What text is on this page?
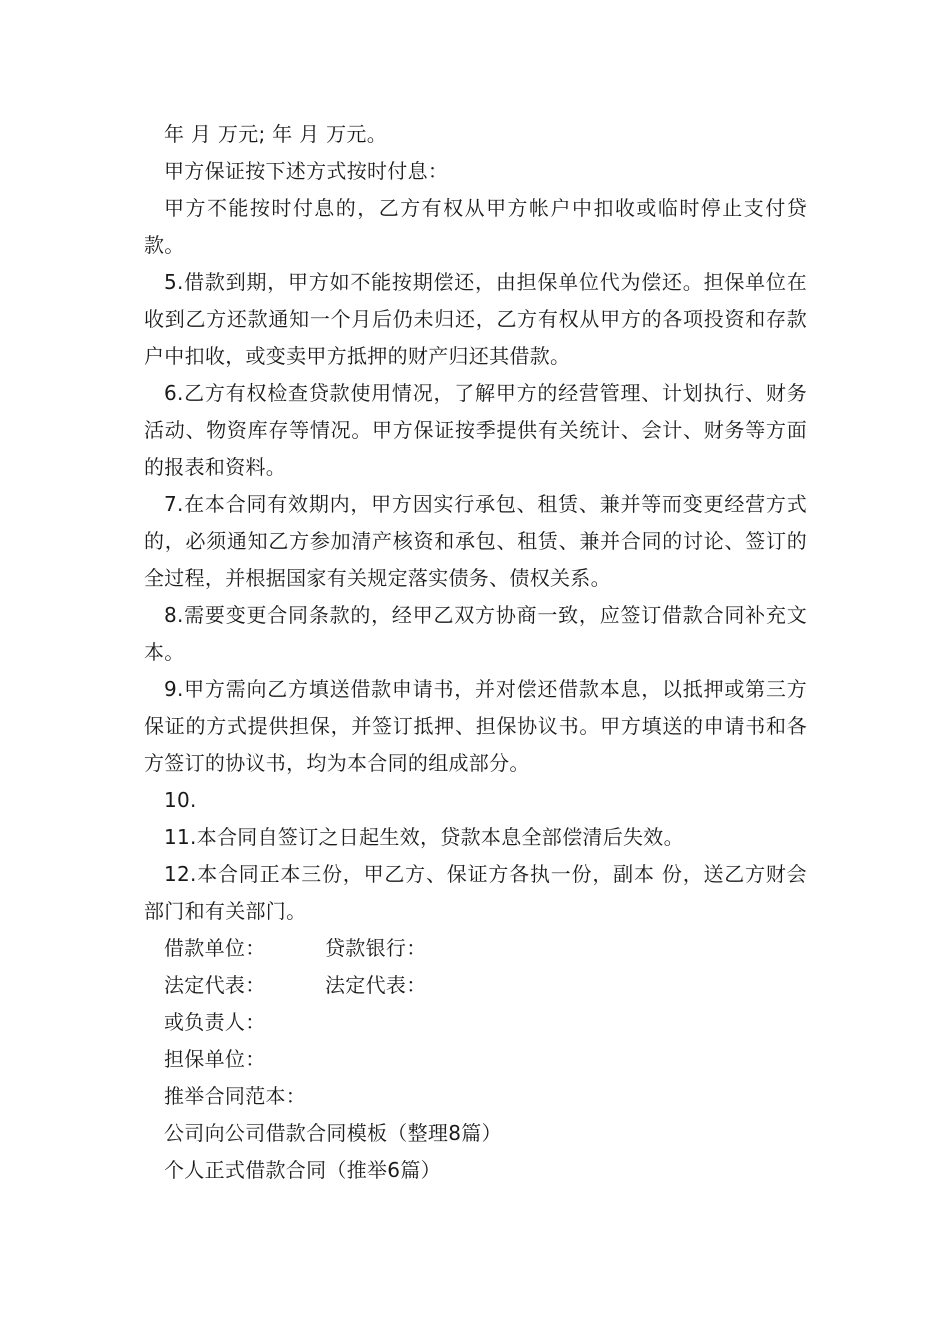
年 月 万元; 年 月 万元。

甲方保证按下述方式按时付息：

甲方不能按时付息的，乙方有权从甲方帐户中扣收或临时停止支付贷款。

5.借款到期，甲方如不能按期偿还，由担保单位代为偿还。担保单位在收到乙方还款通知一个月后仍未归还，乙方有权从甲方的各项投资和存款户中扣收，或变卖甲方抵押的财产归还其借款。

6.乙方有权检查贷款使用情况，了解甲方的经营管理、计划执行、财务活动、物资库存等情况。甲方保证按季提供有关统计、会计、财务等方面的报表和资料。

7.在本合同有效期内，甲方因实行承包、租赁、兼并等而变更经营方式的，必须通知乙方参加清产核资和承包、租赁、兼并合同的讨论、签订的全过程，并根据国家有关规定落实债务、债权关系。

8.需要变更合同条款的，经甲乙双方协商一致，应签订借款合同补充文本。

9.甲方需向乙方填送借款申请书，并对偿还借款本息，以抵押或第三方保证的方式提供担保，并签订抵押、担保协议书。甲方填送的申请书和各方签订的协议书，均为本合同的组成部分。

10.

11.本合同自签订之日起生效，贷款本息全部偿清后失效。

12.本合同正本三份，甲乙方、保证方各执一份，副本 份，送乙方财会部门和有关部门。

借款单位：	贷款银行：
法定代表：	法定代表：

或负责人：

担保单位：

推举合同范本：

公司向公司借款合同模板（整理8篇）

个人正式借款合同（推举6篇）
